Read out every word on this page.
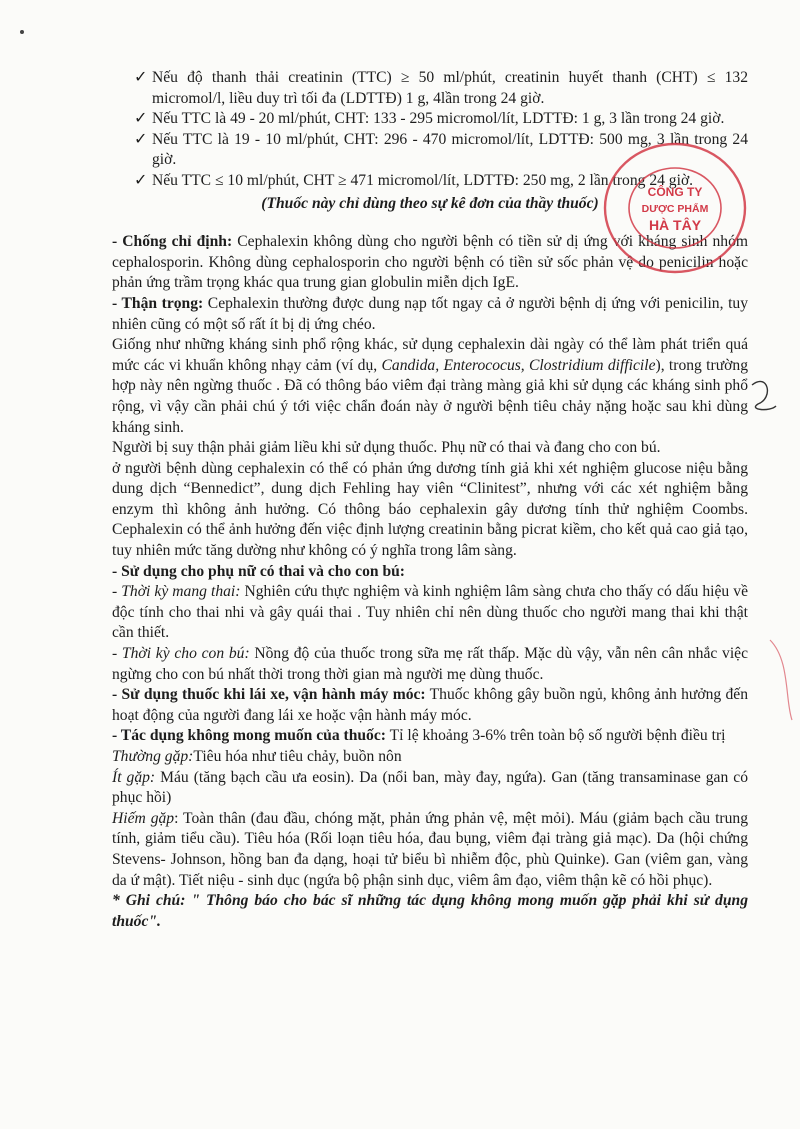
✓ Nếu độ thanh thải creatinin (TTC) ≥ 50 ml/phút, creatinin huyết thanh (CHT) ≤ 132 micromol/l, liều duy trì tối đa (LDTTĐ) 1 g, 4lần trong 24 giờ.
✓ Nếu TTC là 49 - 20 ml/phút, CHT: 133 - 295 micromol/lít, LDTTĐ: 1 g, 3 lần trong 24 giờ.
✓ Nếu TTC là 19 - 10 ml/phút, CHT: 296 - 470 micromol/lít, LDTTĐ: 500 mg, 3 lần trong 24 giờ.
✓ Nếu TTC ≤ 10 ml/phút, CHT ≥ 471 micromol/lít, LDTTĐ: 250 mg, 2 lần trong 24 giờ.

(Thuốc này chỉ dùng theo sự kê đơn của thầy thuốc)

- Chống chỉ định: Cephalexin không dùng cho người bệnh có tiền sử dị ứng với kháng sinh nhóm cephalosporin. Không dùng cephalosporin cho người bệnh có tiền sử sốc phản vệ do penicilin hoặc phản ứng trầm trọng khác qua trung gian globulin miễn dịch IgE.

- Thận trọng: Cephalexin thường được dung nạp tốt ngay cả ở người bệnh dị ứng với penicilin, tuy nhiên cũng có một số rất ít bị dị ứng chéo.

Giống như những kháng sinh phổ rộng khác, sử dụng cephalexin dài ngày có thể làm phát triển quá mức các vi khuẩn không nhạy cảm (ví dụ, Candida, Enterococus, Clostridium difficile), trong trường hợp này nên ngừng thuốc . Đã có thông báo viêm đại tràng màng giả khi sử dụng các kháng sinh phổ rộng, vì vậy cần phải chú ý tới việc chẩn đoán này ở người bệnh tiêu chảy nặng hoặc sau khi dùng kháng sinh.

Người bị suy thận phải giảm liều khi sử dụng thuốc. Phụ nữ có thai và đang cho con bú.

ở người bệnh dùng cephalexin có thể có phản ứng dương tính giả khi xét nghiệm glucose niệu bằng dung dịch “Bennedict”, dung dịch Fehling hay viên “Clinitest”, nhưng với các xét nghiệm bằng enzym thì không ảnh hưởng. Có thông báo cephalexin gây dương tính thử nghiệm Coombs. Cephalexin có thể ảnh hưởng đến việc định lượng creatinin bằng picrat kiềm, cho kết quả cao giả tạo, tuy nhiên mức tăng dường như không có ý nghĩa trong lâm sàng.

- Sử dụng cho phụ nữ có thai và cho con bú:

- Thời kỳ mang thai: Nghiên cứu thực nghiệm và kinh nghiệm lâm sàng chưa cho thấy có dấu hiệu về độc tính cho thai nhi và gây quái thai . Tuy nhiên chỉ nên dùng thuốc cho người mang thai khi thật cần thiết.

- Thời kỳ cho con bú: Nồng độ của thuốc trong sữa mẹ rất thấp. Mặc dù vậy, vẫn nên cân nhắc việc ngừng cho con bú nhất thời trong thời gian mà người mẹ dùng thuốc.

- Sử dụng thuốc khi lái xe, vận hành máy móc: Thuốc không gây buồn ngủ, không ảnh hưởng đến hoạt động của người đang lái xe hoặc vận hành máy móc.

- Tác dụng không mong muốn của thuốc: Tỉ lệ khoảng 3-6% trên toàn bộ số người bệnh điều trị

Thường gặp:Tiêu hóa như tiêu chảy, buồn nôn

Ít gặp: Máu (tăng bạch cầu ưa eosin). Da (nổi ban, mày đay, ngứa). Gan (tăng transaminase gan có phục hồi)

Hiếm gặp: Toàn thân (đau đầu, chóng mặt, phản ứng phản vệ, mệt mỏi). Máu (giảm bạch cầu trung tính, giảm tiểu cầu). Tiêu hóa (Rối loạn tiêu hóa, đau bụng, viêm đại tràng giả mạc). Da (hội chứng Stevens- Johnson, hồng ban đa dạng, hoại tử biểu bì nhiễm độc, phù Quinke). Gan (viêm gan, vàng da ứ mật). Tiết niệu - sinh dục (ngứa bộ phận sinh dục, viêm âm đạo, viêm thận kẽ có hồi phục).

* Ghi chú: " Thông báo cho bác sĩ những tác dụng không mong muốn gặp phải khi sử dụng thuốc".

CÔNG TY
DƯỢC PHẨM
HÀ TÂY
